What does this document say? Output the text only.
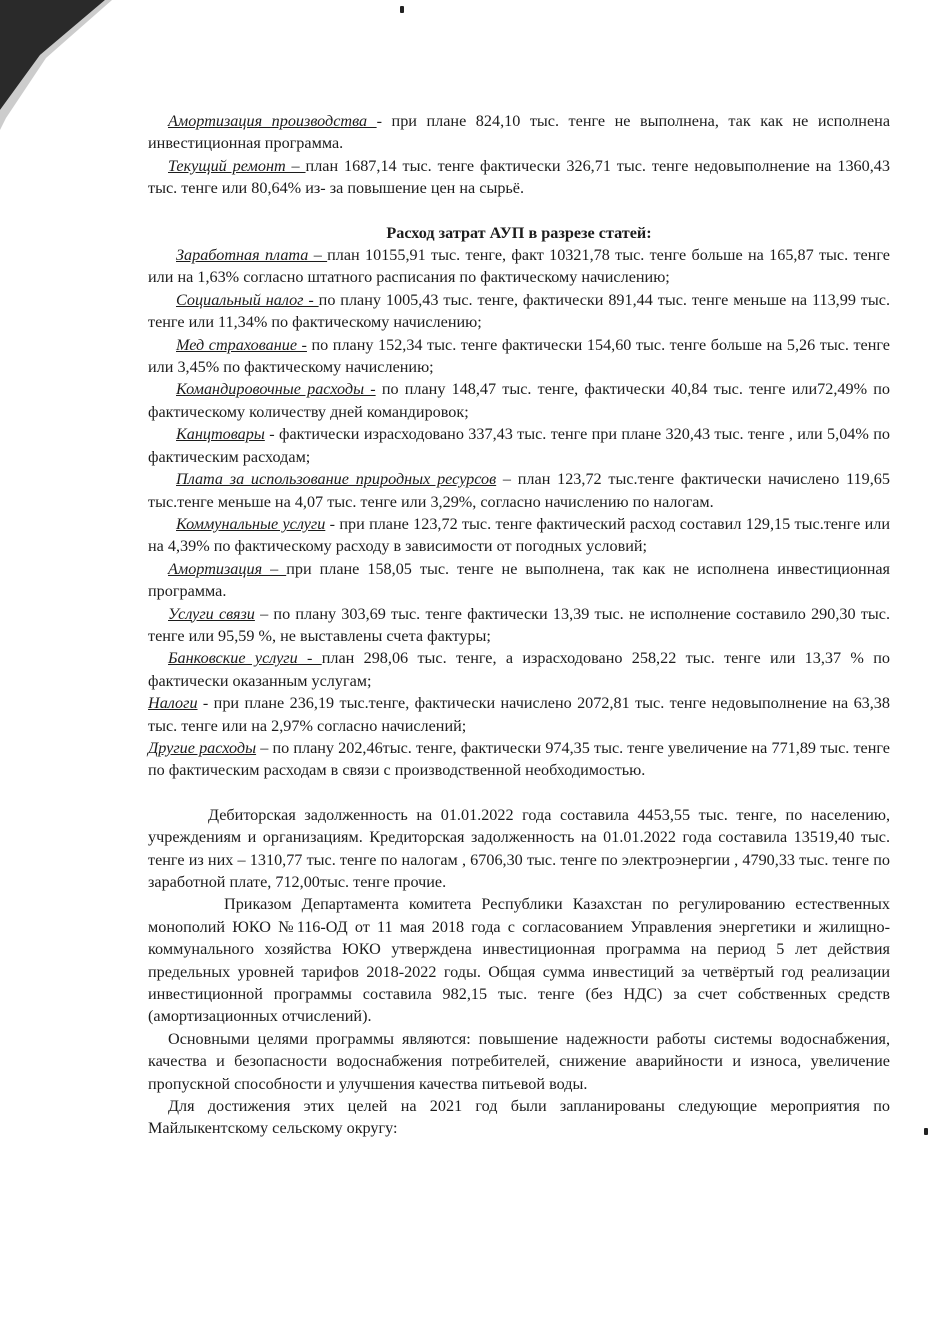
Амортизация производства - при плане 824,10 тыс. тенге не выполнена, так как не исполнена инвестиционная программа.

Текущий ремонт – план 1687,14 тыс. тенге фактически 326,71 тыс. тенге недовыполнение на 1360,43 тыс. тенге или 80,64% из- за повышение цен на сырьё.

Расход затрат АУП в разрезе статей:

Заработная плата – план 10155,91 тыс. тенге, факт 10321,78 тыс. тенге больше на 165,87 тыс. тенге или на 1,63% согласно штатного расписания по фактическому начислению;

Социальный налог - по плану 1005,43 тыс. тенге, фактически 891,44 тыс. тенге меньше на 113,99 тыс. тенге или 11,34% по фактическому начислению;

Мед страхование - по плану 152,34 тыс. тенге фактически 154,60 тыс. тенге больше на 5,26 тыс. тенге или 3,45% по фактическому начислению;

Командировочные расходы - по плану 148,47 тыс. тенге, фактически 40,84 тыс. тенге или72,49% по фактическому количеству дней командировок;

Канцтовары - фактически израсходовано 337,43 тыс. тенге при плане 320,43 тыс. тенге , или 5,04% по фактическим расходам;

Плата за использование природных ресурсов – план 123,72 тыс.тенге фактически начислено 119,65 тыс.тенге меньше на 4,07 тыс. тенге или 3,29%, согласно начислению по налогам.

Коммунальные услуги - при плане 123,72 тыс. тенге фактический расход составил 129,15 тыс.тенге или на 4,39% по фактическому расходу в зависимости от погодных условий;

Амортизация – при плане 158,05 тыс. тенге не выполнена, так как не исполнена инвестиционная программа.

Услуги связи – по плану 303,69 тыс. тенге фактически 13,39 тыс. не исполнение составило 290,30 тыс. тенге или 95,59 %, не выставлены счета фактуры;

Банковские услуги - план 298,06 тыс. тенге, а израсходовано 258,22 тыс. тенге или 13,37 % по фактически оказанным услугам;

Налоги - при плане 236,19 тыс.тенге, фактически начислено 2072,81 тыс. тенге недовыполнение на 63,38 тыс. тенге или на 2,97% согласно начислений;

Другие расходы – по плану 202,46тыс. тенге, фактически 974,35 тыс. тенге увеличение на 771,89 тыс. тенге по фактическим расходам в связи с производственной необходимостью.

Дебиторская задолженность на 01.01.2022 года составила 4453,55 тыс. тенге, по населению, учреждениям и организациям. Кредиторская задолженность на 01.01.2022 года составила 13519,40 тыс. тенге из них – 1310,77 тыс. тенге по налогам , 6706,30 тыс. тенге по электроэнергии , 4790,33 тыс. тенге по заработной плате, 712,00тыс. тенге прочие.

Приказом Департамента комитета Республики Казахстан по регулированию естественных монополий ЮКО №116-ОД от 11 мая 2018 года с согласованием Управления энергетики и жилищно-коммунального хозяйства ЮКО утверждена инвестиционная программа на период 5 лет действия предельных уровней тарифов 2018-2022 годы. Общая сумма инвестиций за четвёртый год реализации инвестиционной программы составила 982,15 тыс. тенге (без НДС) за счет собственных средств (амортизационных отчислений).

Основными целями программы являются: повышение надежности работы системы водоснабжения, качества и безопасности водоснабжения потребителей, снижение аварийности и износа, увеличение пропускной способности и улучшения качества питьевой воды.

Для достижения этих целей на 2021 год были запланированы следующие мероприятия по Майлыкентскому сельскому округу:
